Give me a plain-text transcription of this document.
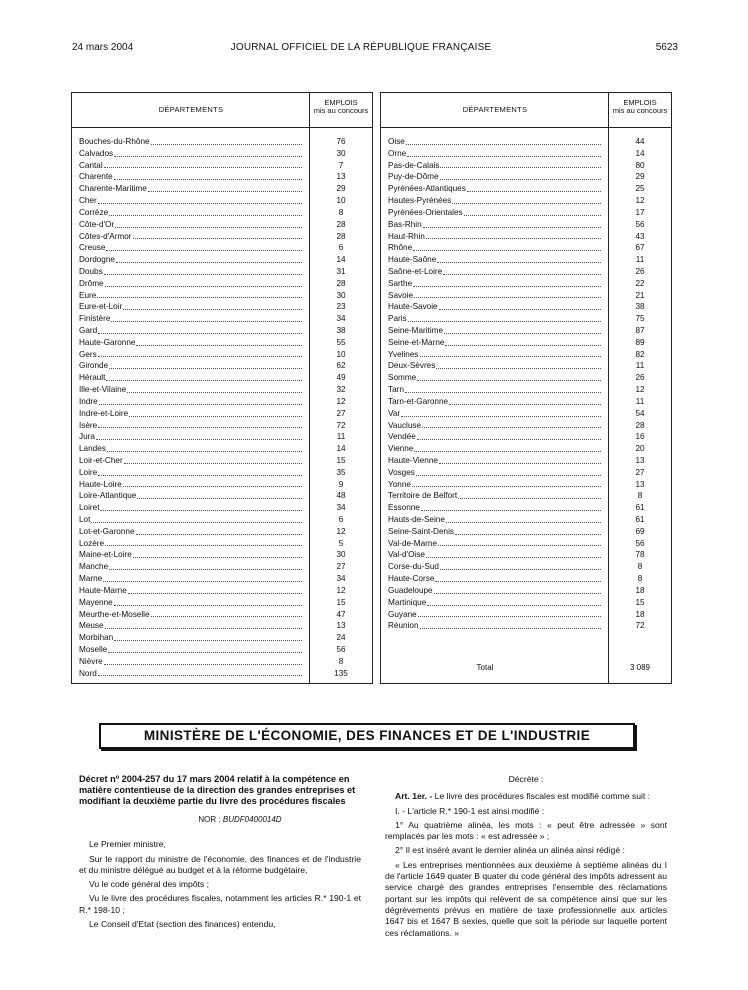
24 mars 2004	JOURNAL OFFICIEL DE LA RÉPUBLIQUE FRANÇAISE	5623
DÉPARTEMENTS
EMPLOIS
mis au concours
Bouches-du-Rhône	76
Calvados	30
Cantal	7
Charente	13
Charente-Maritime	29
Cher	10
Corrèze	8
Côte-d'Or	28
Côtes-d'Armor	28
Creuse	6
Dordogne	14
Doubs	31
Drôme	28
Eure	30
Eure-et-Loir	23
Finistère	34
Gard	38
Haute-Garonne	55
Gers	10
Gironde	62
Hérault	49
Ille-et-Vilaine	32
Indre	12
Indre-et-Loire	27
Isère	72
Jura	11
Landes	14
Loir-et-Cher	15
Loire	35
Haute-Loire	9
Loire-Atlantique	48
Loiret	34
Lot	6
Lot-et-Garonne	12
Lozère	5
Maine-et-Loire	30
Manche	27
Marne	34
Haute-Marne	12
Mayenne	15
Meurthe-et-Moselle	47
Meuse	13
Morbihan	24
Moselle	56
Nièvre	8
Nord	135
DÉPARTEMENTS
EMPLOIS
mis au concours
Oise	44
Orne	14
Pas-de-Calais	80
Puy-de-Dôme	29
Pyrénées-Atlantiques	25
Hautes-Pyrénées	12
Pyrénées-Orientales	17
Bas-Rhin	56
Haut-Rhin	43
Rhône	67
Haute-Saône	11
Saône-et-Loire	26
Sarthe	22
Savoie	21
Haute-Savoie	38
Paris	75
Seine-Maritime	87
Seine-et-Marne	89
Yvelines	82
Deux-Sèvres	11
Somme	26
Tarn	12
Tarn-et-Garonne	11
Var	54
Vaucluse	28
Vendée	16
Vienne	20
Haute-Vienne	13
Vosges	27
Yonne	13
Territoire de Belfort	8
Essonne	61
Hauts-de-Seine	61
Seine-Saint-Denis	69
Val-de-Marne	56
Val-d'Oise	78
Corse-du-Sud	8
Haute-Corse	8
Guadeloupe	18
Martinique	15
Guyane	18
Réunion	72
Total	3 089
MINISTÈRE DE L'ÉCONOMIE, DES FINANCES ET DE L'INDUSTRIE
Décret nº 2004-257 du 17 mars 2004 relatif à la compétence en matière contentieuse de la direction des grandes entreprises et modifiant la deuxième partie du livre des procédures fiscales
NOR : BUDF0400014D
Le Premier ministre,
Sur le rapport du ministre de l'économie, des finances et de l'industrie et du ministre délégué au budget et à la réforme budgétaire,
Vu le code général des impôts ;
Vu le livre des procédures fiscales, notamment les articles R.* 190-1 et R.* 198-10 ;
Le Conseil d'Etat (section des finances) entendu,
Décrète :
Art. 1er. - Le livre des procédures fiscales est modifié comme suit :
I. - L'article R.* 190-1 est ainsi modifié :
1° Au quatrième alinéa, les mots : « peut être adressée » sont remplacés par les mots : « est adressée » ;
2° Il est inséré avant le dernier alinéa un alinéa ainsi rédigé :
« Les entreprises mentionnées aux deuxième à septième alinéas du I de l'article 1649 quater B quater du code général des impôts adressent au service chargé des grandes entreprises l'ensemble des réclamations portant sur les impôts qui relèvent de sa compétence ainsi que sur les dégrèvements prévus en matière de taxe professionnelle aux articles 1647 bis et 1647 B sexies, quelle que soit la période sur laquelle portent ces réclamations. »
